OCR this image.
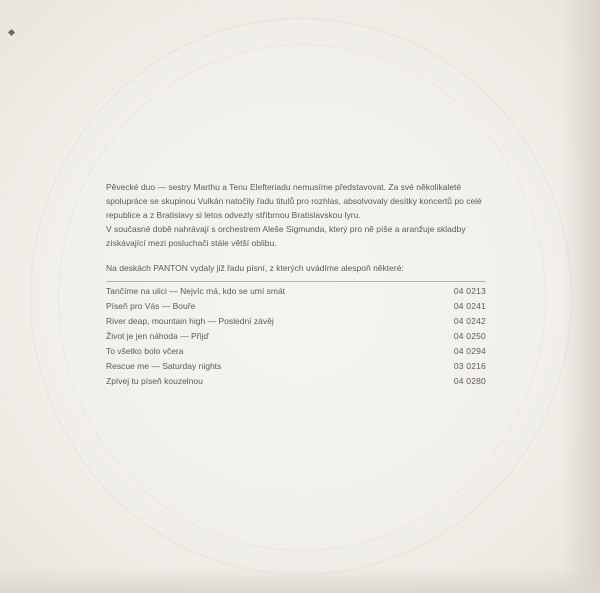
Pěvecké duo — sestry Marthu a Tenu Elefteriadu nemusíme představovat. Za své několikaleté spolupráce se skupinou Vulkán natočily řadu titulů pro rozhlas, absolvovaly desítky koncertů po celé republice a z Bratislavy si letos odvezly stříbrnou Bratislavskou lyru.

V současné době nahrávají s orchestrem Aleše Sigmunda, který pro ně píše a aranžuje skladby získávající mezi posluchači stále větší oblibu.

Na deskách PANTON vydaly již řadu písní, z kterých uvádíme alespoň některé:

Tančíme na ulici — Nejvíc má, kdo se umí smát	04 0213
Píseň pro Vás — Bouře	04 0241
River deap, mountain high — Poslední závěj	04 0242
Život je jen náhoda — Přijď	04 0250
To všetko bolo včera	04 0294
Rescue me — Saturday nights	03 0216
Zpívej tu píseň kouzelnou	04 0280
